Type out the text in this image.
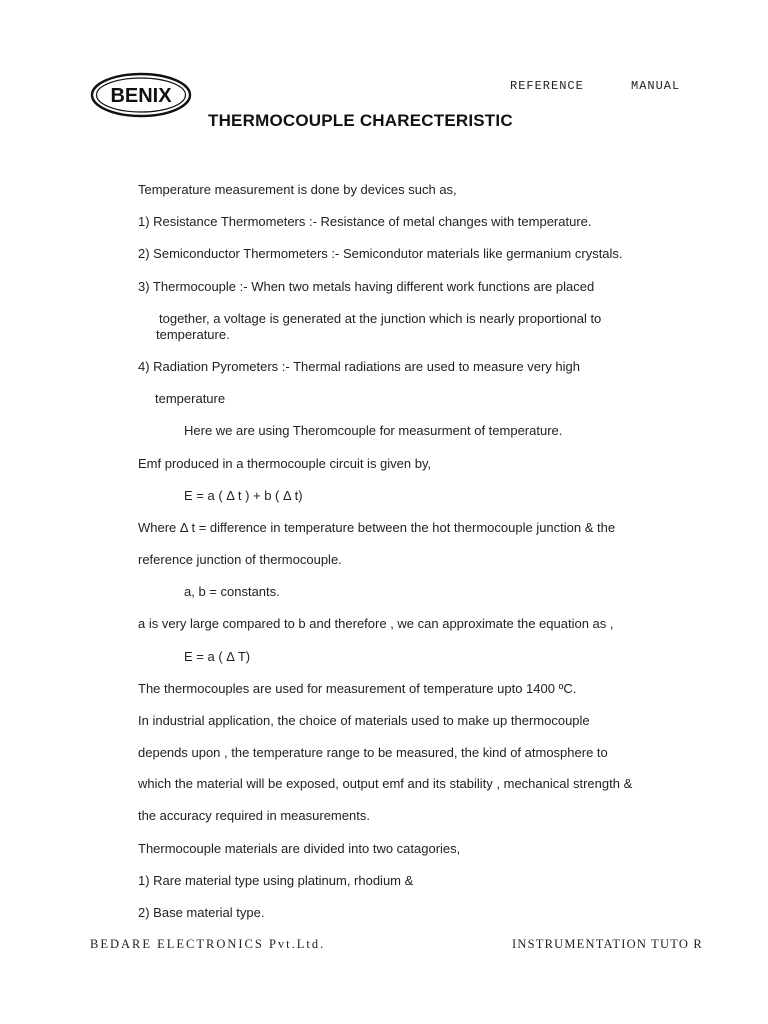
BENIX	REFERENCE	MANUAL
THERMOCOUPLE CHARECTERISTIC
Temperature measurement is done by devices such as,
1) Resistance Thermometers :- Resistance of metal changes with temperature.
2) Semiconductor Thermometers :- Semicondutor materials like germanium crystals.
3) Thermocouple :- When two metals having different work functions are placed
together, a voltage is generated at the junction which is nearly proportional to
temperature.
4) Radiation Pyrometers :- Thermal radiations are used to measure very high
temperature
Here we are using Theromcouple for measurment of temperature.
Emf produced in a thermocouple circuit is given by,
E = a ( Δ t ) + b ( Δ t)
Where Δ t = difference in temperature between the hot thermocouple junction & the
reference junction of thermocouple.
a, b = constants.
a is very large compared to b and therefore , we can approximate the equation as ,
E = a ( Δ T)
The thermocouples are used for measurement of temperature upto 1400 ºC.
In industrial application, the choice of materials used to make up thermocouple
depends upon , the temperature range to be measured, the kind of atmosphere to
which the material will be exposed, output emf and its stability , mechanical strength &
the accuracy required in measurements.
Thermocouple materials are divided into two catagories,
1) Rare material type using platinum, rhodium &
2) Base material type.
BEDARE ELECTRONICS Pvt.Ltd.	INSTRUMENTATION TUTO R
